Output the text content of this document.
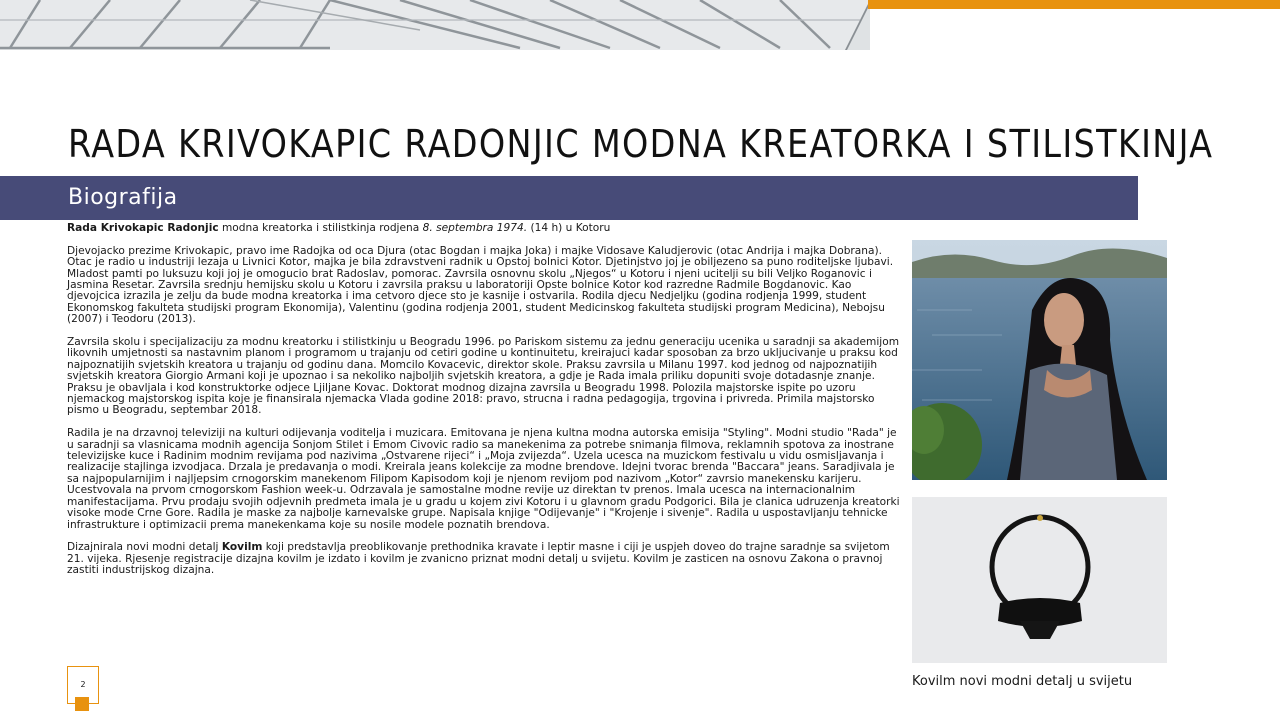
RADA KRIVOKAPIC RADONJIC MODNA KREATORKA I STILISTKINJA
Biografija

Rada Krivokapic Radonjic modna kreatorka i stilistkinja rodjena 8. septembra 1974. (14 h) u Kotoru

Djevojacko prezime Krivokapic, pravo ime Radojka od oca Djura (otac Bogdan i majka Joka) i majke Vidosave Kaludjerovic (otac Andrija i majka Dobrana). Otac je radio u industriji lezaja u Livnici Kotor, majka je bila zdravstveni radnik u Opstoj bolnici Kotor. Djetinjstvo joj je obiljezeno sa puno roditeljske ljubavi. Mladost pamti po luksuzu koji joj je omogucio brat Radoslav, pomorac. Zavrsila osnovnu skolu „Njegos“ u Kotoru i njeni ucitelji su bili Veljko Roganovic i Jasmina Resetar. Zavrsila srednju hemijsku skolu u Kotoru i zavrsila praksu u laboratoriji Opste bolnice Kotor kod razredne Radmile Bogdanovic. Kao djevojcica izrazila je zelju da bude modna kreatorka i ima cetvoro djece sto je kasnije i ostvarila. Rodila djecu Nedjeljku (godina rodjenja 1999, student Ekonomskog fakulteta studijski program Ekonomija), Valentinu (godina rodjenja 2001, student Medicinskog fakulteta studijski program Medicina), Nebojsu (2007) i Teodoru (2013).

Zavrsila skolu i specijalizaciju za modnu kreatorku i stilistkinju u Beogradu 1996. po Pariskom sistemu za jednu generaciju ucenika u saradnji sa akademijom likovnih umjetnosti sa nastavnim planom i programom u trajanju od cetiri godine u kontinuitetu, kreirajuci kadar sposoban za brzo ukljucivanje u praksu kod najpoznatijih svjetskih kreatora u trajanju od godinu dana. Momcilo Kovacevic, direktor skole. Praksu zavrsila u Milanu 1997. kod jednog od najpoznatijih svjetskih kreatora Giorgio Armani koji je upoznao i sa nekoliko najboljih svjetskih kreatora, a gdje je Rada imala priliku dopuniti svoje dotadasnje znanje. Praksu je obavljala i kod konstruktorke odjece Ljiljane Kovac. Doktorat modnog dizajna zavrsila u Beogradu 1998. Polozila majstorske ispite po uzoru njemackog majstorskog ispita koje je finansirala njemacka Vlada godine 2018: pravo, strucna i radna pedagogija, trgovina i privreda. Primila majstorsko pismo u Beogradu, septembar 2018.

Radila je na drzavnoj televiziji na kulturi odijevanja voditelja i muzicara. Emitovana je njena kultna modna autorska emisija "Styling". Modni studio "Rada" je u saradnji sa vlasnicama modnih agencija Sonjom Stilet i Emom Civovic radio sa manekenima za potrebe snimanja filmova, reklamnih spotova za inostrane televizijske kuce i Radinim modnim revijama pod nazivima „Ostvarene rijeci“ i „Moja zvijezda“. Uzela ucesca na muzickom festivalu u vidu osmisljavanja i realizacije stajlinga izvodjaca. Drzala je predavanja o modi. Kreirala jeans kolekcije za modne brendove. Idejni tvorac brenda "Baccara" jeans. Saradjivala je sa najpopularnijim i najljepsim crnogorskim manekenom Filipom Kapisodom koji je njenom revijom pod nazivom „Kotor“ zavrsio manekensku karijeru. Ucestvovala na prvom crnogorskom Fashion week-u. Odrzavala je samostalne modne revije uz direktan tv prenos. Imala ucesca na internacionalnim manifestacijama. Prvu prodaju svojih odjevnih predmeta imala je u gradu u kojem zivi Kotoru i u glavnom gradu Podgorici. Bila je clanica udruzenja kreatorki visoke mode Crne Gore. Radila je maske za najbolje karnevalske grupe. Napisala knjige "Odijevanje" i "Krojenje i sivenje". Radila u uspostavljanju tehnicke infrastrukture i optimizacii prema manekenkama koje su nosile modele poznatih brendova.

Dizajnirala novi modni detalj Kovilm koji predstavlja preoblikovanje prethodnika kravate i leptir masne i ciji je uspjeh doveo do trajne saradnje sa svijetom 21. vijeka. Rjesenje registracije dizajna kovilm je izdato i kovilm je zvanicno priznat modni detalj u svijetu. Kovilm je zasticen na osnovu Zakona o pravnoj zastiti industrijskog dizajna.

Kovilm novi modni detalj u svijetu
2
